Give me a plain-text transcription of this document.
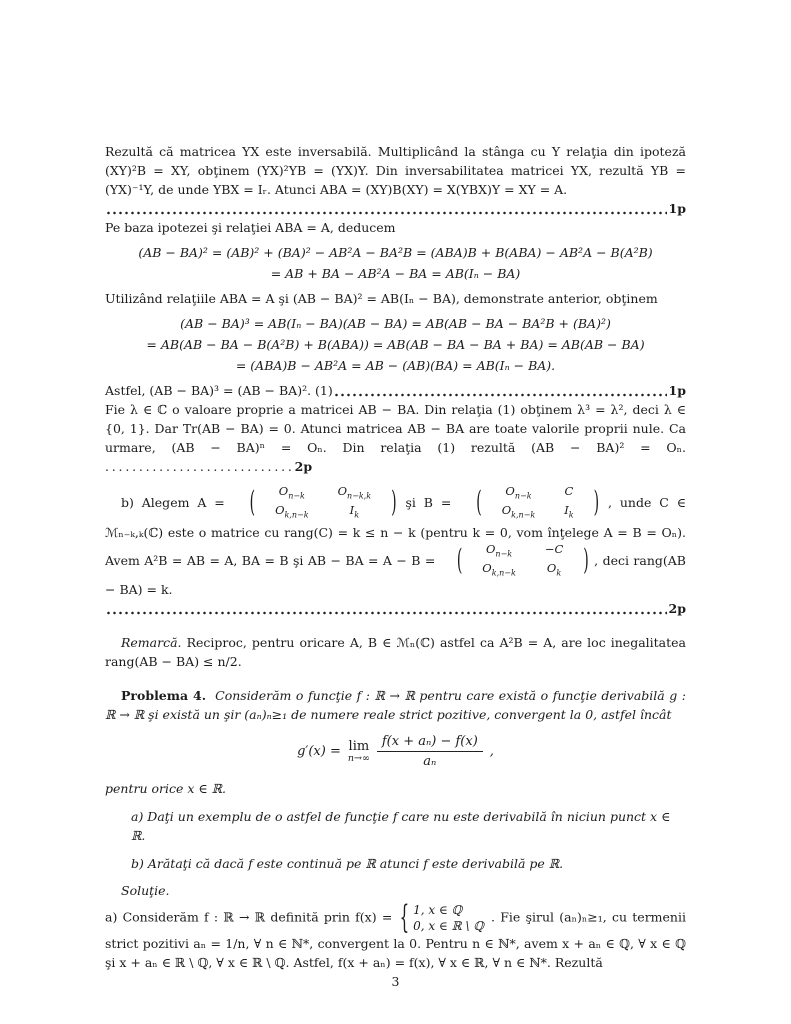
Rezultă că matricea YX este inversabilă. Multiplicând la stânga cu Y relaţia din ipoteză (XY)²B = XY, obţinem (YX)²YB = (YX)Y. Din inversabilitatea matricei YX, rezultă YB = (YX)⁻¹Y, de unde YBX = Iᵣ. Atunci ABA = (XY)B(XY) = X(YBX)Y = XY = A.

1p

Pe baza ipotezei şi relaţiei ABA = A, deducem

(AB − BA)² = (AB)² + (BA)² − AB²A − BA²B = (ABA)B + B(ABA) − AB²A − B(A²B)

= AB + BA − AB²A − BA = AB(Iₙ − BA)

Utilizând relaţiile ABA = A şi (AB − BA)² = AB(Iₙ − BA), demonstrate anterior, obţinem

(AB − BA)³ = AB(Iₙ − BA)(AB − BA) = AB(AB − BA − BA²B + (BA)²)

= AB(AB − BA − B(A²B) + B(ABA)) = AB(AB − BA − BA + BA) = AB(AB − BA)

= (ABA)B − AB²A = AB − (AB)(BA) = AB(Iₙ − BA).

Astfel, (AB − BA)³ = (AB − BA)². (1)	1p

Fie λ ∈ ℂ o valoare proprie a matricei AB − BA. Din relaţia (1) obţinem λ³ = λ², deci λ ∈ {0, 1}. Dar Tr(AB − BA) = 0. Atunci matricea AB − BA are toate valorile proprii nule. Ca urmare, (AB − BA)ⁿ = Oₙ. Din relaţia (1) rezultă (AB − BA)² = Oₙ. ............................2p

b) Alegem A =	(	$O_{n-k}$	$O_{n-k,k}$
$O_{k,n-k}$	$I_k$	) şi B =	(	$O_{n-k}$	C
$O_{k,n-k}$	$I_k$	) , unde C ∈ ℳₙ₋ₖ,ₖ(ℂ) este o matrice cu rang(C) = k ≤ n − k (pentru k = 0, vom înţelege A = B = Oₙ). Avem A²B = AB = A, BA = B şi AB − BA = A − B =	(	$O_{n-k}$	−C
$O_{k,n-k}$	$O_k$	) , deci rang(AB − BA) = k.
2p

Remarcă. Reciproc, pentru oricare A, B ∈ ℳₙ(ℂ) astfel ca A²B = A, are loc inegalitatea rang(AB − BA) ≤ n/2.

Problema 4. Considerăm o funcţie f : ℝ → ℝ pentru care există o funcţie derivabilă g : ℝ → ℝ şi există un şir (aₙ)ₙ≥₁ de numere reale strict pozitive, convergent la 0, astfel încât

g′(x) = lim
$n\to\infty \frac{\text{f(x + aₙ) − f(x)}}{\text{aₙ}}$ ,

pentru orice x ∈ ℝ.

a) Daţi un exemplu de o astfel de funcţie f care nu este derivabilă în niciun punct x ∈ ℝ.

b) Arătaţi că dacă f este continuă pe ℝ atunci f este derivabilă pe ℝ.

Soluţie.

a) Considerăm f : ℝ → ℝ definită prin f(x) = { 1, x ∈ ℚ
0, x ∈ ℝ \ ℚ
. Fie şirul (aₙ)ₙ≥₁, cu termenii strict pozitivi aₙ = 1/n, ∀ n ∈ ℕ*, convergent la 0. Pentru n ∈ ℕ*, avem x + aₙ ∈ ℚ, ∀ x ∈ ℚ şi x + aₙ ∈ ℝ \ ℚ, ∀ x ∈ ℝ \ ℚ. Astfel, f(x + aₙ) = f(x), ∀ x ∈ ℝ, ∀ n ∈ ℕ*. Rezultă
3
